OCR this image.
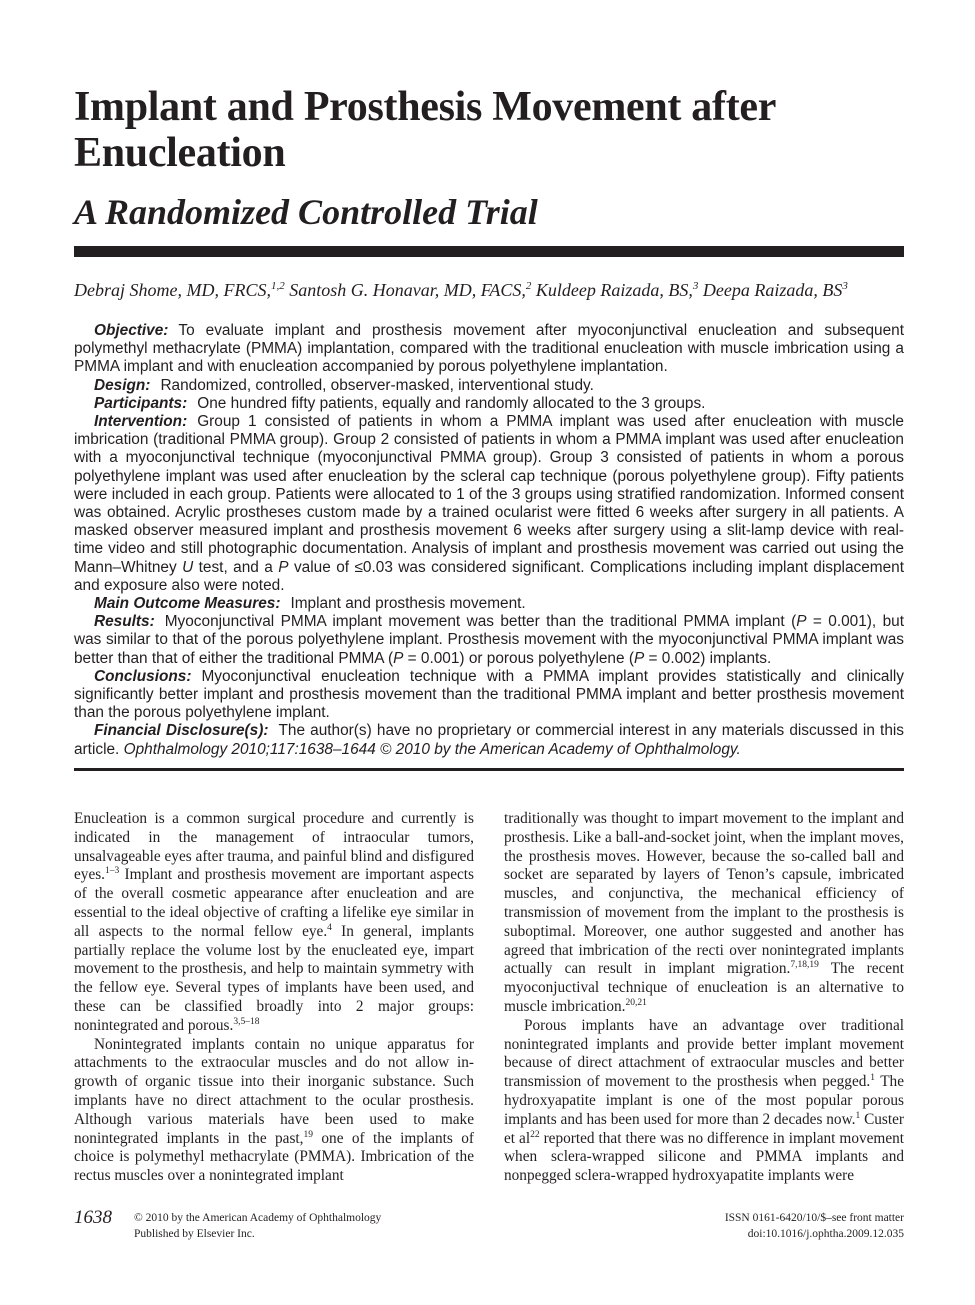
Implant and Prosthesis Movement after Enucleation
A Randomized Controlled Trial
Debraj Shome, MD, FRCS,$^{1,2}$ Santosh G. Honavar, MD, FACS,$^2$ Kuldeep Raizada, BS,$^3$ Deepa Raizada, $BS^3$

Objective: To evaluate implant and prosthesis movement after myoconjunctival enucleation and subsequent polymethyl methacrylate (PMMA) implantation, compared with the traditional enucleation with muscle imbrication using a PMMA implant and with enucleation accompanied by porous polyethylene implantation.

Design: Randomized, controlled, observer-masked, interventional study.

Participants: One hundred fifty patients, equally and randomly allocated to the 3 groups.

Intervention: Group 1 consisted of patients in whom a PMMA implant was used after enucleation with muscle imbrication (traditional PMMA group). Group 2 consisted of patients in whom a PMMA implant was used after enucleation with a myoconjunctival technique (myoconjunctival PMMA group). Group 3 consisted of patients in whom a porous polyethylene implant was used after enucleation by the scleral cap technique (porous polyethylene group). Fifty patients were included in each group. Patients were allocated to 1 of the 3 groups using stratified randomization. Informed consent was obtained. Acrylic prostheses custom made by a trained ocularist were fitted 6 weeks after surgery in all patients. A masked observer measured implant and prosthesis movement 6 weeks after surgery using a slit-lamp device with real-time video and still photographic documentation. Analysis of implant and prosthesis movement was carried out using the Mann–Whitney U test, and a P value of ≤0.03 was considered significant. Complications including implant displacement and exposure also were noted.

Main Outcome Measures: Implant and prosthesis movement.

Results: Myoconjunctival PMMA implant movement was better than the traditional PMMA implant (P = 0.001), but was similar to that of the porous polyethylene implant. Prosthesis movement with the myoconjunctival PMMA implant was better than that of either the traditional PMMA (P = 0.001) or porous polyethylene (P = 0.002) implants.

Conclusions: Myoconjunctival enucleation technique with a PMMA implant provides statistically and clinically significantly better implant and prosthesis movement than the traditional PMMA implant and better prosthesis movement than the porous polyethylene implant.

Financial Disclosure(s): The author(s) have no proprietary or commercial interest in any materials discussed in this article. Ophthalmology 2010;117:1638–1644 © 2010 by the American Academy of Ophthalmology.

Enucleation is a common surgical procedure and currently is indicated in the management of intraocular tumors, unsalvageable eyes after trauma, and painful blind and disfigured eyes.$^{1-3}$ Implant and prosthesis movement are important aspects of the overall cosmetic appearance after enucleation and are essential to the ideal objective of crafting a lifelike eye similar in all aspects to the normal fellow eye.$^4$ In general, implants partially replace the volume lost by the enucleated eye, impart movement to the prosthesis, and help to maintain symmetry with the fellow eye. Several types of implants have been used, and these can be classified broadly into 2 major groups: nonintegrated and porous.$^{3,5-18}$

Nonintegrated implants contain no unique apparatus for attachments to the extraocular muscles and do not allow in-growth of organic tissue into their inorganic substance. Such implants have no direct attachment to the ocular prosthesis. Although various materials have been used to make nonintegrated implants in the past,$^{19}$ one of the implants of choice is polymethyl methacrylate (PMMA). Imbrication of the rectus muscles over a nonintegrated implant

traditionally was thought to impart movement to the implant and prosthesis. Like a ball-and-socket joint, when the implant moves, the prosthesis moves. However, because the so-called ball and socket are separated by layers of Tenon’s capsule, imbricated muscles, and conjunctiva, the mechanical efficiency of transmission of movement from the implant to the prosthesis is suboptimal. Moreover, one author suggested and another has agreed that imbrication of the recti over nonintegrated implants actually can result in implant migration.$^{7,18,19}$ The recent myoconjuctival technique of enucleation is an alternative to muscle imbrication.$^{20,21}$

Porous implants have an advantage over traditional nonintegrated implants and provide better implant movement because of direct attachment of extraocular muscles and better transmission of movement to the prosthesis when pegged.$^1$ The hydroxyapatite implant is one of the most popular porous implants and has been used for more than 2 decades now.$^1$ Custer et $al^{22}$ reported that there was no difference in implant movement when sclera-wrapped silicone and PMMA implants and nonpegged sclera-wrapped hydroxyapatite implants were

1638 © 2010 by the American Academy of Ophthalmology
Published by Elsevier Inc.
ISSN 0161-6420/10/$–see front matter
doi:10.1016/j.ophtha.2009.12.035
